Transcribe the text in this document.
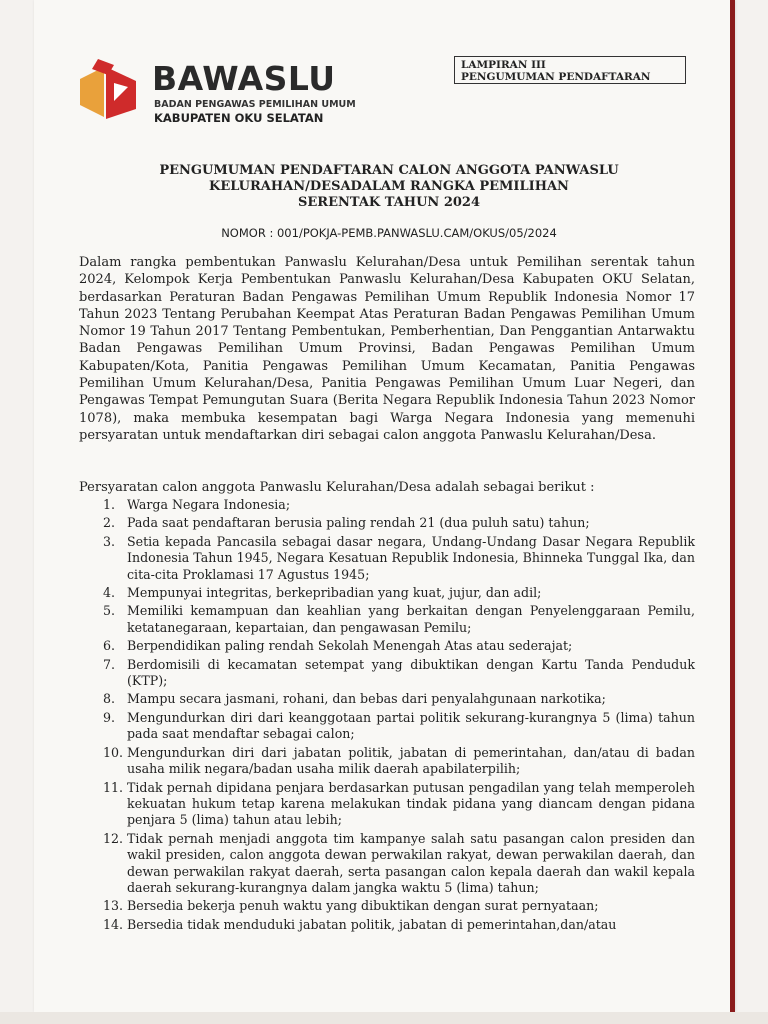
BAWASLU
BADAN PENGAWAS PEMILIHAN UMUM
KABUPATEN OKU SELATAN
LAMPIRAN III
PENGUMUMAN PENDAFTARAN
PENGUMUMAN PENDAFTARAN CALON ANGGOTA PANWASLU
KELURAHAN/DESADALAM RANGKA PEMILIHAN
SERENTAK TAHUN 2024
NOMOR : 001/POKJA-PEMB.PANWASLU.CAM/OKUS/05/2024
Dalam rangka pembentukan Panwaslu Kelurahan/Desa untuk Pemilihan serentak tahun 2024, Kelompok Kerja Pembentukan Panwaslu Kelurahan/Desa Kabupaten OKU Selatan, berdasarkan Peraturan Badan Pengawas Pemilihan Umum Republik Indonesia Nomor 17 Tahun 2023 Tentang Perubahan Keempat Atas Peraturan Badan Pengawas Pemilihan Umum Nomor 19 Tahun 2017 Tentang Pembentukan, Pemberhentian, Dan Penggantian Antarwaktu Badan Pengawas Pemilihan Umum Provinsi, Badan Pengawas Pemilihan Umum Kabupaten/Kota, Panitia Pengawas Pemilihan Umum Kecamatan, Panitia Pengawas Pemilihan Umum Kelurahan/Desa, Panitia Pengawas Pemilihan Umum Luar Negeri, dan Pengawas Tempat Pemungutan Suara (Berita Negara Republik Indonesia Tahun 2023 Nomor 1078), maka membuka kesempatan bagi Warga Negara Indonesia yang memenuhi persyaratan untuk mendaftarkan diri sebagai calon anggota Panwaslu Kelurahan/Desa.
Persyaratan calon anggota Panwaslu Kelurahan/Desa adalah sebagai berikut :
1. Warga Negara Indonesia;
2. Pada saat pendaftaran berusia paling rendah 21 (dua puluh satu) tahun;
3. Setia kepada Pancasila sebagai dasar negara, Undang-Undang Dasar Negara Republik Indonesia Tahun 1945, Negara Kesatuan Republik Indonesia, Bhinneka Tunggal Ika, dan cita-cita Proklamasi 17 Agustus 1945;
4. Mempunyai integritas, berkepribadian yang kuat, jujur, dan adil;
5. Memiliki kemampuan dan keahlian yang berkaitan dengan Penyelenggaraan Pemilu, ketatanegaraan, kepartaian, dan pengawasan Pemilu;
6. Berpendidikan paling rendah Sekolah Menengah Atas atau sederajat;
7. Berdomisili di kecamatan setempat yang dibuktikan dengan Kartu Tanda Penduduk (KTP);
8. Mampu secara jasmani, rohani, dan bebas dari penyalahgunaan narkotika;
9. Mengundurkan diri dari keanggotaan partai politik sekurang-kurangnya 5 (lima) tahun pada saat mendaftar sebagai calon;
10. Mengundurkan diri dari jabatan politik, jabatan di pemerintahan, dan/atau di badan usaha milik negara/badan usaha milik daerah apabilaterpilih;
11. Tidak pernah dipidana penjara berdasarkan putusan pengadilan yang telah memperoleh kekuatan hukum tetap karena melakukan tindak pidana yang diancam dengan pidana penjara 5 (lima) tahun atau lebih;
12. Tidak pernah menjadi anggota tim kampanye salah satu pasangan calon presiden dan wakil presiden, calon anggota dewan perwakilan rakyat, dewan perwakilan daerah, dan dewan perwakilan rakyat daerah, serta pasangan calon kepala daerah dan wakil kepala daerah sekurang-kurangnya dalam jangka waktu 5 (lima) tahun;
13. Bersedia bekerja penuh waktu yang dibuktikan dengan surat pernyataan;
14. Bersedia tidak menduduki jabatan politik, jabatan di pemerintahan,dan/atau
